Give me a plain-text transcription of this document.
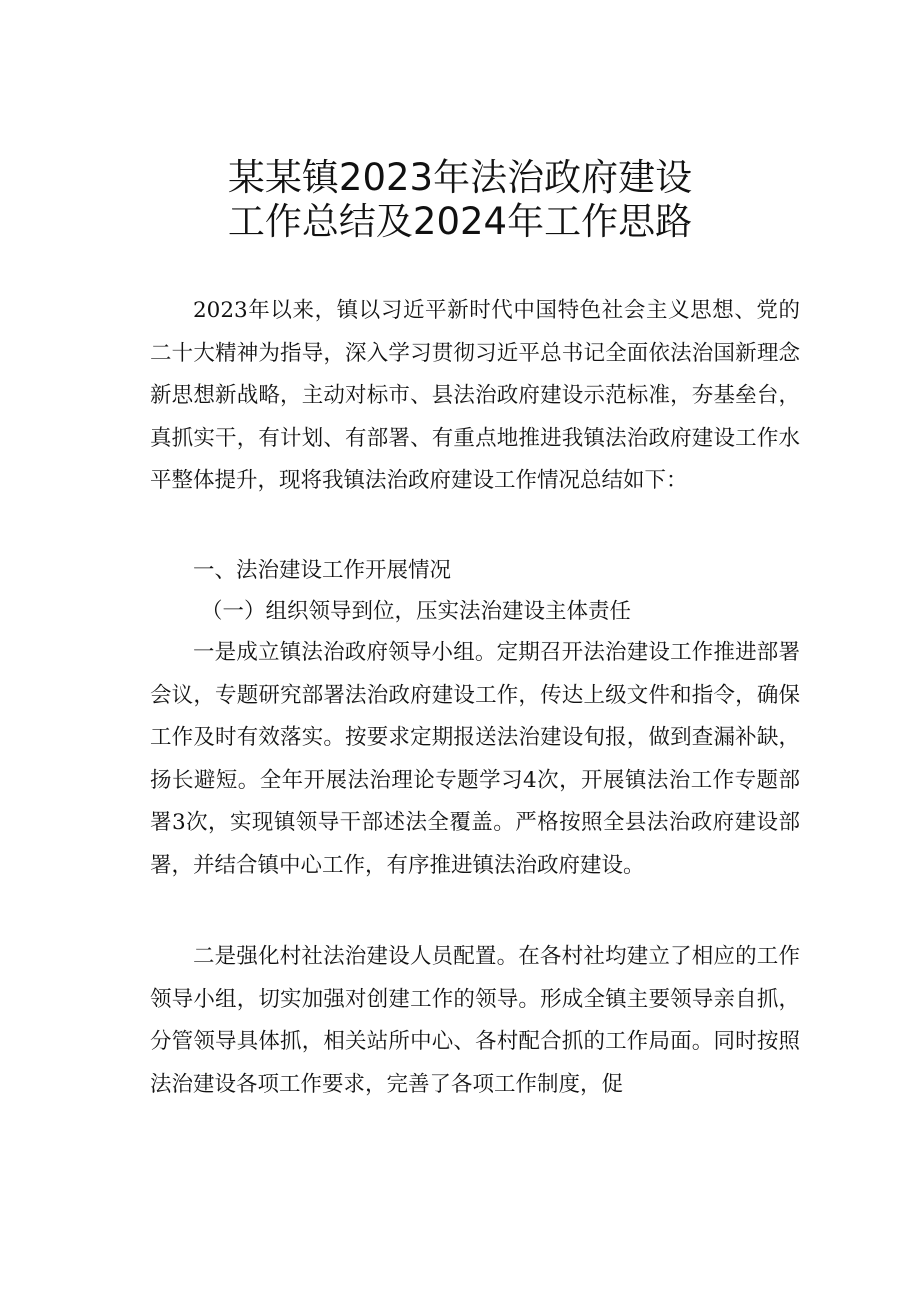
某某镇2023年法治政府建设
工作总结及2024年工作思路
2023年以来，镇以习近平新时代中国特色社会主义思想、党的二十大精神为指导，深入学习贯彻习近平总书记全面依法治国新理念新思想新战略，主动对标市、县法治政府建设示范标准，夯基垒台，真抓实干，有计划、有部署、有重点地推进我镇法治政府建设工作水平整体提升，现将我镇法治政府建设工作情况总结如下：
一、法治建设工作开展情况
（一）组织领导到位，压实法治建设主体责任
一是成立镇法治政府领导小组。定期召开法治建设工作推进部署会议，专题研究部署法治政府建设工作，传达上级文件和指令，确保工作及时有效落实。按要求定期报送法治建设旬报，做到查漏补缺，扬长避短。全年开展法治理论专题学习4次，开展镇法治工作专题部署3次，实现镇领导干部述法全覆盖。严格按照全县法治政府建设部署，并结合镇中心工作，有序推进镇法治政府建设。
二是强化村社法治建设人员配置。在各村社均建立了相应的工作领导小组，切实加强对创建工作的领导。形成全镇主要领导亲自抓，分管领导具体抓，相关站所中心、各村配合抓的工作局面。同时按照法治建设各项工作要求，完善了各项工作制度，促
